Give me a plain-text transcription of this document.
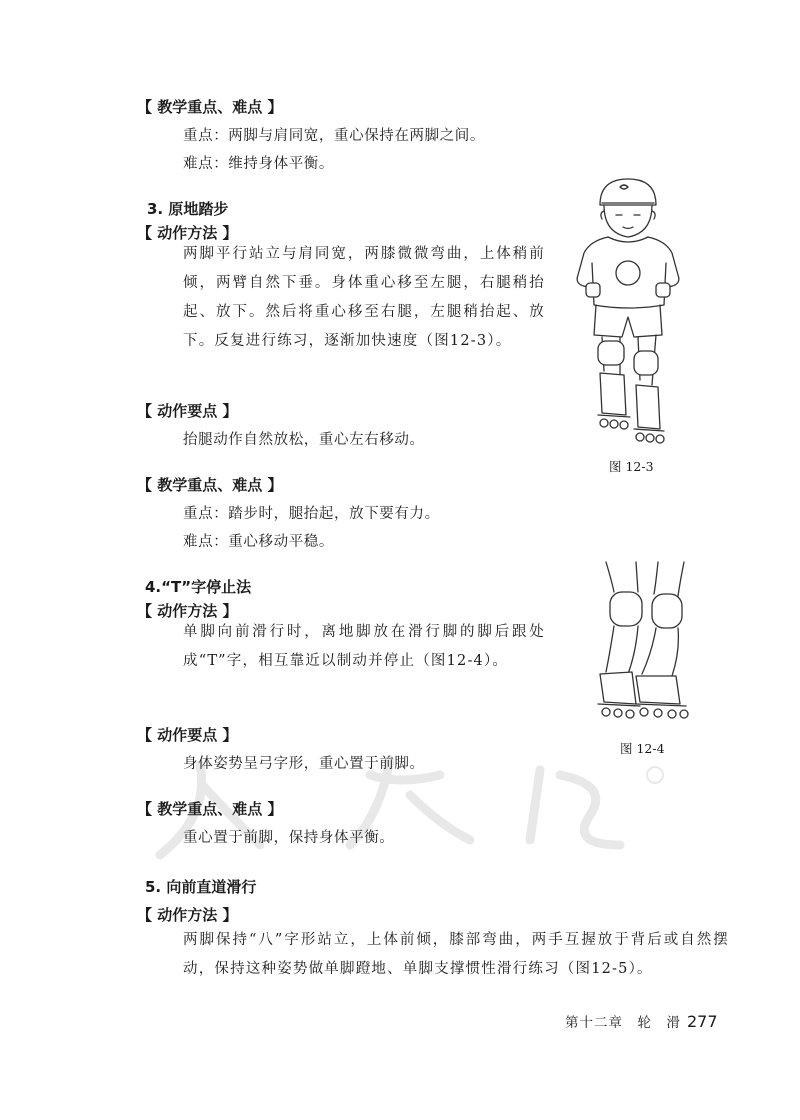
【 教学重点、难点 】
重点：两脚与肩同宽，重心保持在两脚之间。
难点：维持身体平衡。
3. 原地踏步
【 动作方法 】
两脚平行站立与肩同宽，两膝微微弯曲，上体稍前倾，两臂自然下垂。身体重心移至左腿，右腿稍抬起、放下。然后将重心移至右腿，左腿稍抬起、放下。反复进行练习，逐渐加快速度（图12-3）。
【 动作要点 】
抬腿动作自然放松，重心左右移动。
【 教学重点、难点 】
重点：踏步时，腿抬起，放下要有力。
难点：重心移动平稳。
图 12-3
4.“T”字停止法
【 动作方法 】
单脚向前滑行时，离地脚放在滑行脚的脚后跟处成“T”字，相互靠近以制动并停止（图12-4）。
【 动作要点 】
身体姿势呈弓字形，重心置于前脚。
【 教学重点、难点 】
重心置于前脚，保持身体平衡。
图 12-4
5. 向前直道滑行
【 动作方法 】
两脚保持“八”字形站立，上体前倾，膝部弯曲，两手互握放于背后或自然摆动，保持这种姿势做单脚蹬地、单脚支撑惯性滑行练习（图12-5）。
第十二章　轮　滑 277
